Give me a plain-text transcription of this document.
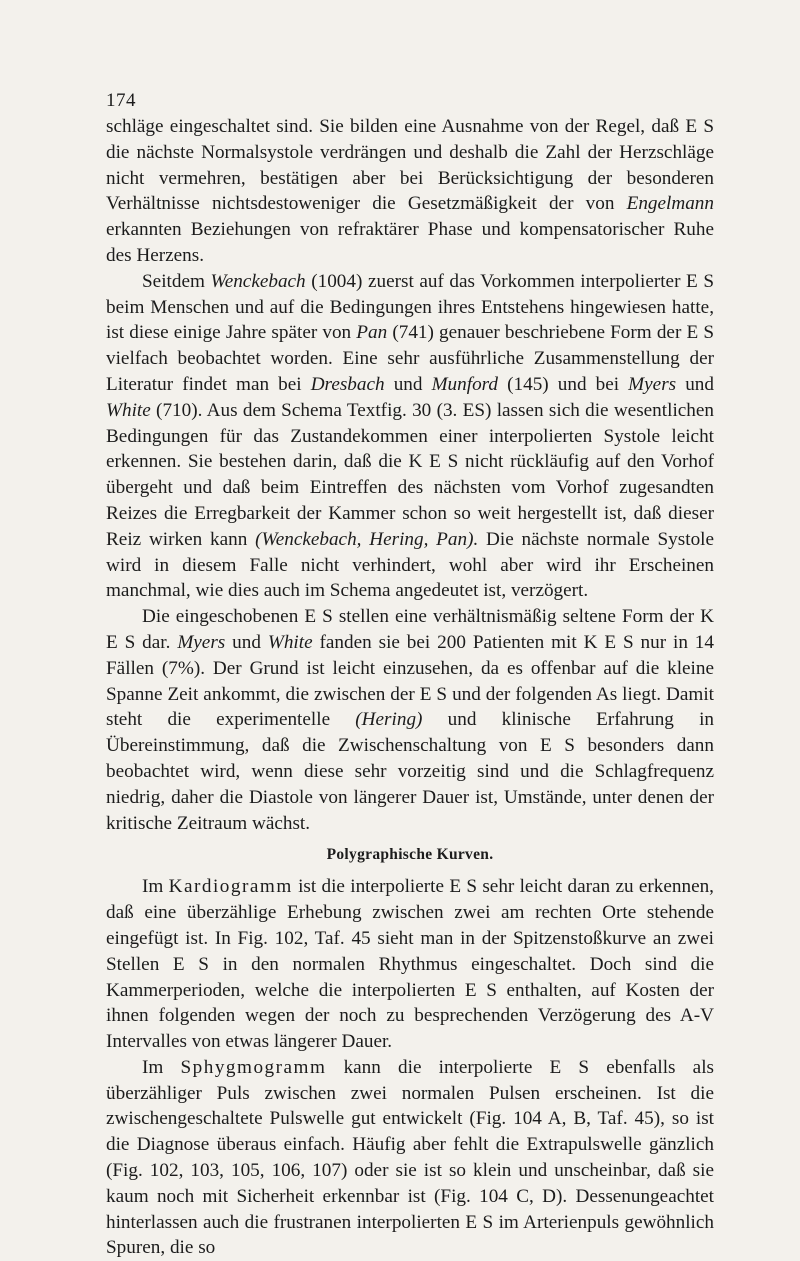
174

schläge eingeschaltet sind. Sie bilden eine Ausnahme von der Regel, daß E S die nächste Normalsystole verdrängen und deshalb die Zahl der Herzschläge nicht vermehren, bestätigen aber bei Berücksichtigung der besonderen Verhältnisse nichtsdestoweniger die Gesetzmäßigkeit der von Engelmann erkannten Beziehungen von refraktärer Phase und kompensatorischer Ruhe des Herzens.

Seitdem Wenckebach (1004) zuerst auf das Vorkommen interpolierter E S beim Menschen und auf die Bedingungen ihres Entstehens hingewiesen hatte, ist diese einige Jahre später von Pan (741) genauer beschriebene Form der E S vielfach beobachtet worden. Eine sehr ausführliche Zusammenstellung der Literatur findet man bei Dresbach und Munford (145) und bei Myers und White (710). Aus dem Schema Textfig. 30 (3. ES) lassen sich die wesentlichen Bedingungen für das Zustandekommen einer interpolierten Systole leicht erkennen. Sie bestehen darin, daß die K E S nicht rückläufig auf den Vorhof übergeht und daß beim Eintreffen des nächsten vom Vorhof zugesandten Reizes die Erregbarkeit der Kammer schon so weit hergestellt ist, daß dieser Reiz wirken kann (Wenckebach, Hering, Pan). Die nächste normale Systole wird in diesem Falle nicht verhindert, wohl aber wird ihr Erscheinen manchmal, wie dies auch im Schema angedeutet ist, verzögert.

Die eingeschobenen E S stellen eine verhältnismäßig seltene Form der K E S dar. Myers und White fanden sie bei 200 Patienten mit K E S nur in 14 Fällen (7%). Der Grund ist leicht einzusehen, da es offenbar auf die kleine Spanne Zeit ankommt, die zwischen der E S und der folgenden As liegt. Damit steht die experimentelle (Hering) und klinische Erfahrung in Übereinstimmung, daß die Zwischenschaltung von E S besonders dann beobachtet wird, wenn diese sehr vorzeitig sind und die Schlagfrequenz niedrig, daher die Diastole von längerer Dauer ist, Umstände, unter denen der kritische Zeitraum wächst.

Polygraphische Kurven.

Im Kardiogramm ist die interpolierte E S sehr leicht daran zu erkennen, daß eine überzählige Erhebung zwischen zwei am rechten Orte stehende eingefügt ist. In Fig. 102, Taf. 45 sieht man in der Spitzenstoßkurve an zwei Stellen E S in den normalen Rhythmus eingeschaltet. Doch sind die Kammerperioden, welche die interpolierten E S enthalten, auf Kosten der ihnen folgenden wegen der noch zu besprechenden Verzögerung des A-V Intervalles von etwas längerer Dauer.

Im Sphygmogramm kann die interpolierte E S ebenfalls als überzähliger Puls zwischen zwei normalen Pulsen erscheinen. Ist die zwischengeschaltete Pulswelle gut entwickelt (Fig. 104 A, B, Taf. 45), so ist die Diagnose überaus einfach. Häufig aber fehlt die Extrapulswelle gänzlich (Fig. 102, 103, 105, 106, 107) oder sie ist so klein und unscheinbar, daß sie kaum noch mit Sicherheit erkennbar ist (Fig. 104 C, D). Dessenungeachtet hinterlassen auch die frustranen interpolierten E S im Arterienpuls gewöhnlich Spuren, die so
